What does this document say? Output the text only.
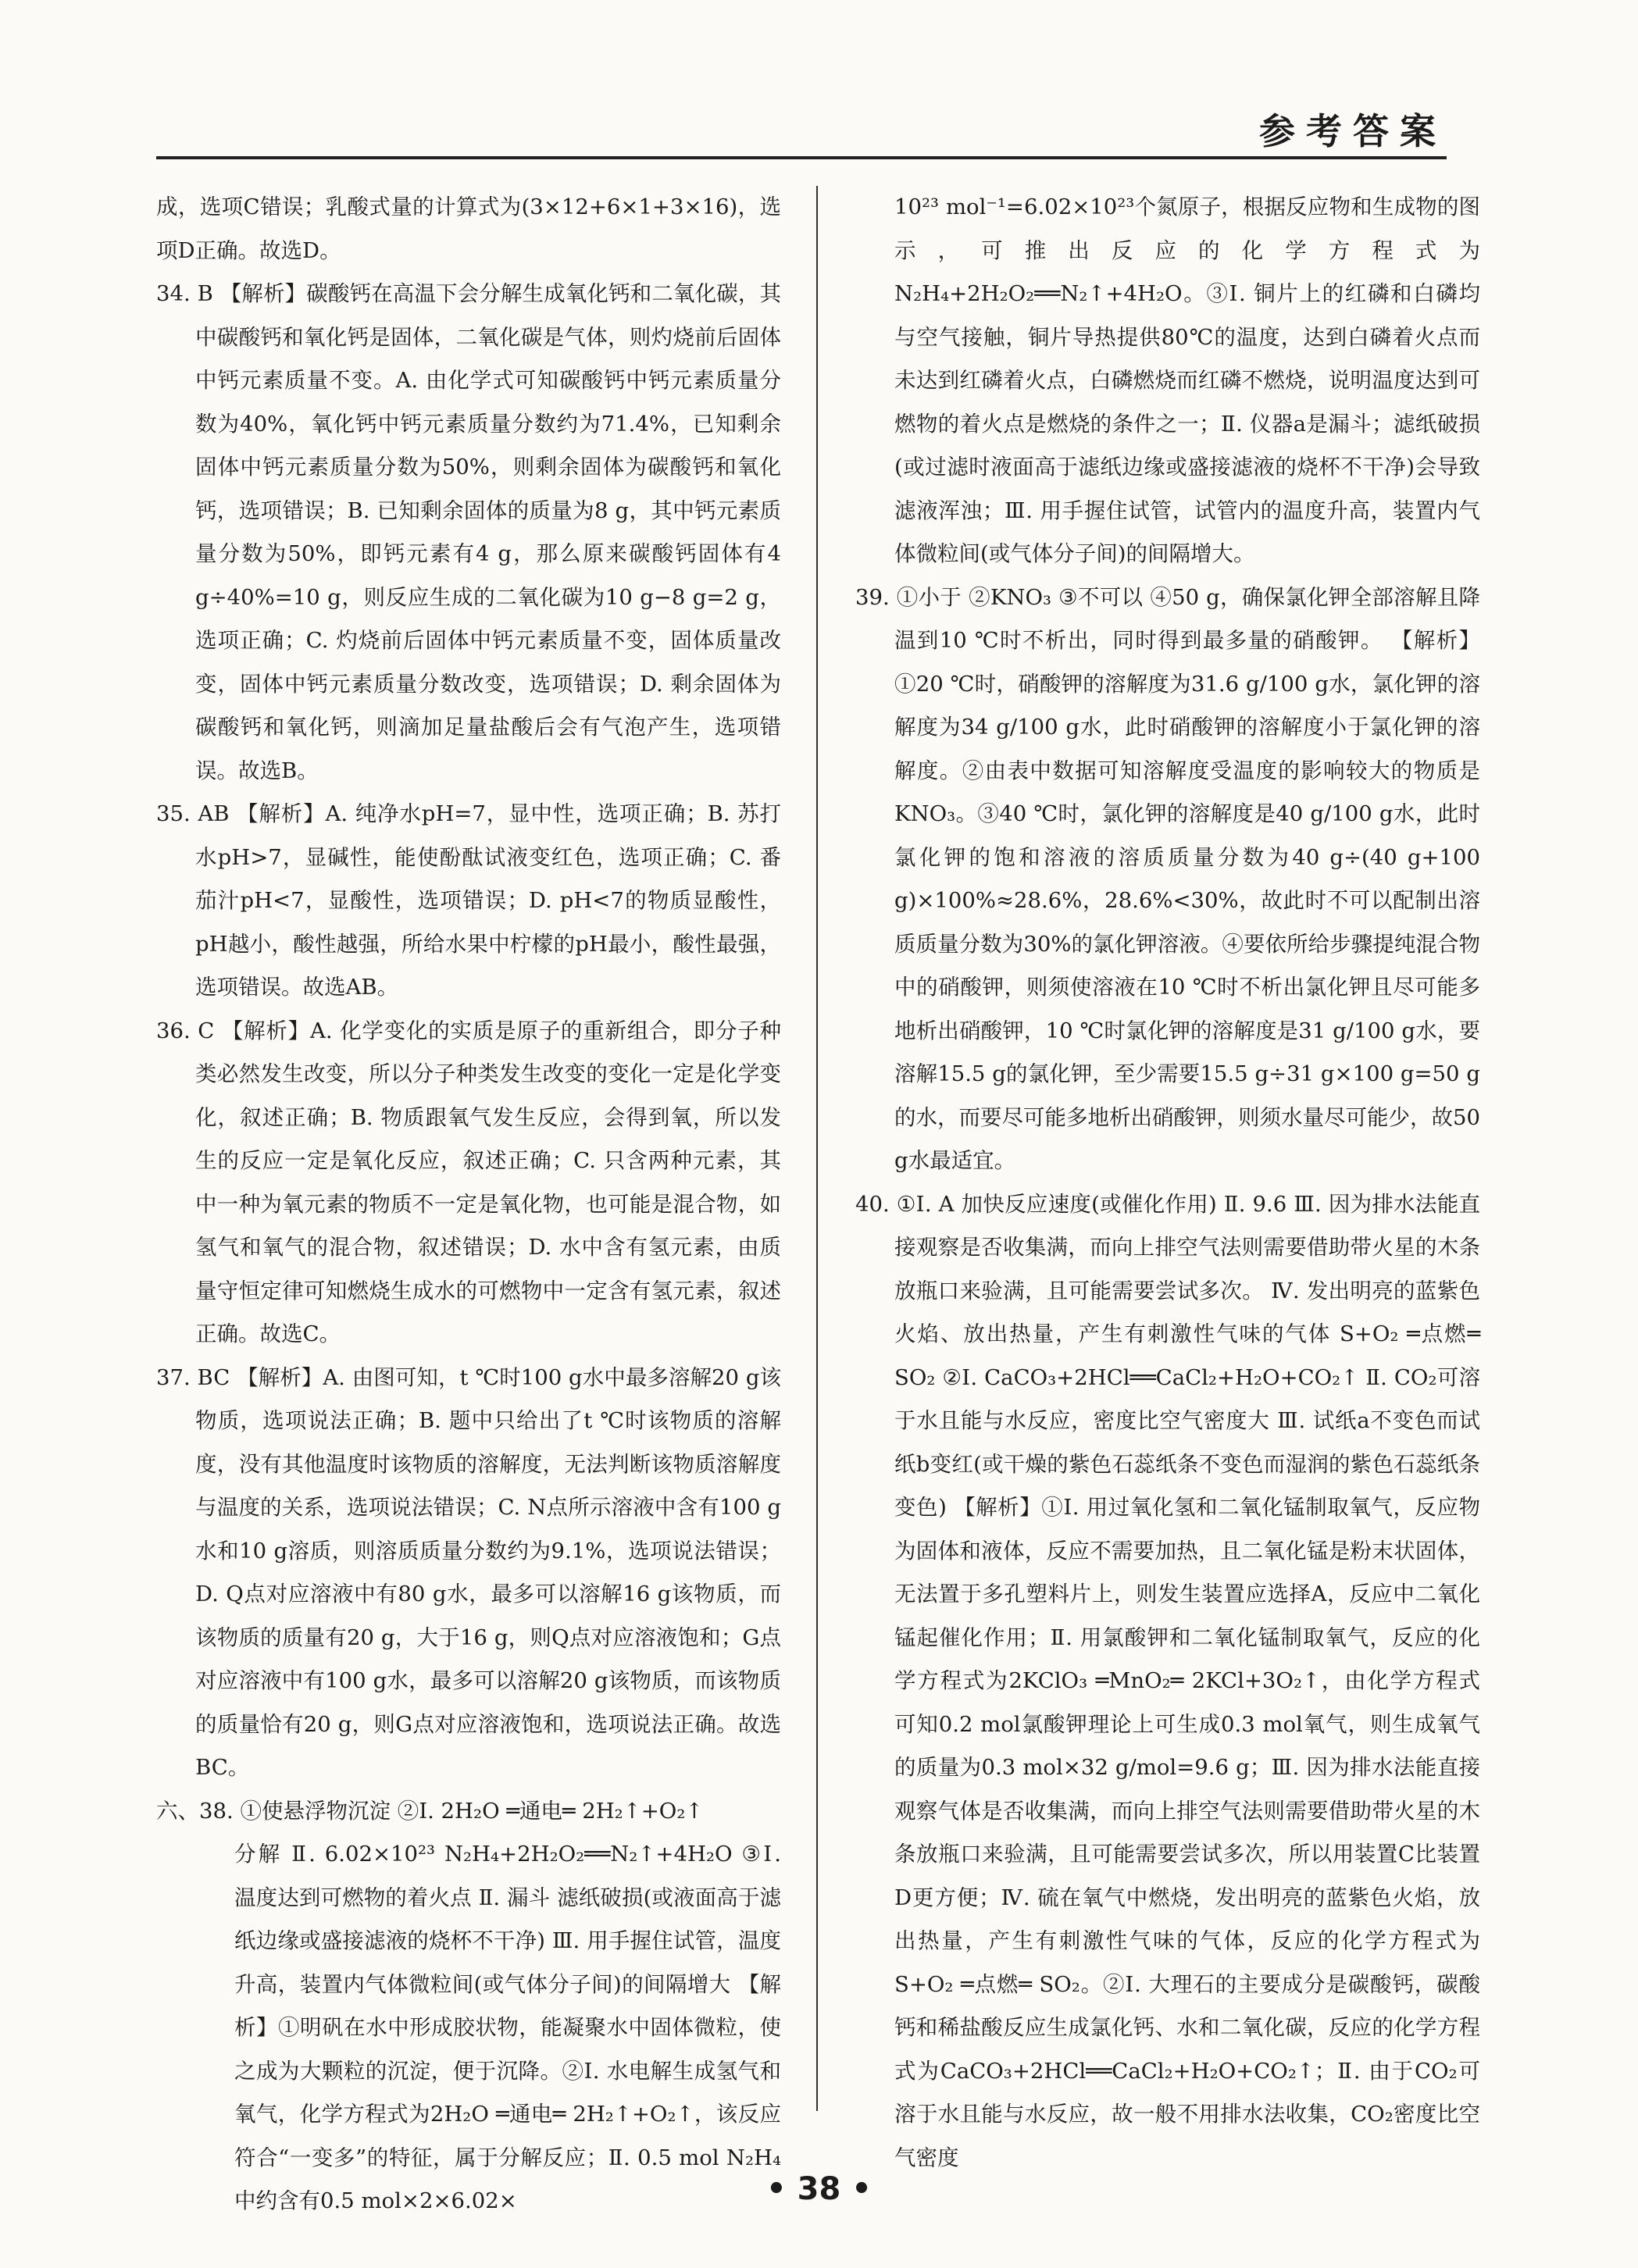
参考答案

成，选项C错误；乳酸式量的计算式为(3×12+6×1+3×16)，选项D正确。故选D。

34. B 【解析】碳酸钙在高温下会分解生成氧化钙和二氧化碳，其中碳酸钙和氧化钙是固体，二氧化碳是气体，则灼烧前后固体中钙元素质量不变。A. 由化学式可知碳酸钙中钙元素质量分数为40%，氧化钙中钙元素质量分数约为71.4%，已知剩余固体中钙元素质量分数为50%，则剩余固体为碳酸钙和氧化钙，选项错误；B. 已知剩余固体的质量为8 g，其中钙元素质量分数为50%，即钙元素有4 g，那么原来碳酸钙固体有4 g÷40%=10 g，则反应生成的二氧化碳为10 g−8 g=2 g，选项正确；C. 灼烧前后固体中钙元素质量不变，固体质量改变，固体中钙元素质量分数改变，选项错误；D. 剩余固体为碳酸钙和氧化钙，则滴加足量盐酸后会有气泡产生，选项错误。故选B。

35. AB 【解析】A. 纯净水pH=7，显中性，选项正确；B. 苏打水pH>7，显碱性，能使酚酞试液变红色，选项正确；C. 番茄汁pH<7，显酸性，选项错误；D. pH<7的物质显酸性，pH越小，酸性越强，所给水果中柠檬的pH最小，酸性最强，选项错误。故选AB。

36. C 【解析】A. 化学变化的实质是原子的重新组合，即分子种类必然发生改变，所以分子种类发生改变的变化一定是化学变化，叙述正确；B. 物质跟氧气发生反应，会得到氧，所以发生的反应一定是氧化反应，叙述正确；C. 只含两种元素，其中一种为氧元素的物质不一定是氧化物，也可能是混合物，如氢气和氧气的混合物，叙述错误；D. 水中含有氢元素，由质量守恒定律可知燃烧生成水的可燃物中一定含有氢元素，叙述正确。故选C。

37. BC 【解析】A. 由图可知，t ℃时100 g水中最多溶解20 g该物质，选项说法正确；B. 题中只给出了t ℃时该物质的溶解度，没有其他温度时该物质的溶解度，无法判断该物质溶解度与温度的关系，选项说法错误；C. N点所示溶液中含有100 g水和10 g溶质，则溶质质量分数约为9.1%，选项说法错误；D. Q点对应溶液中有80 g水，最多可以溶解16 g该物质，而该物质的质量有20 g，大于16 g，则Q点对应溶液饱和；G点对应溶液中有100 g水，最多可以溶解20 g该物质，而该物质的质量恰有20 g，则G点对应溶液饱和，选项说法正确。故选BC。

六、38. ①使悬浮物沉淀 ②Ⅰ. 2H₂O ═通电═ 2H₂↑+O₂↑

分解 Ⅱ. 6.02×10²³ N₂H₄+2H₂O₂══N₂↑+4H₂O ③Ⅰ. 温度达到可燃物的着火点 Ⅱ. 漏斗 滤纸破损(或液面高于滤纸边缘或盛接滤液的烧杯不干净) Ⅲ. 用手握住试管，温度升高，装置内气体微粒间(或气体分子间)的间隔增大 【解析】①明矾在水中形成胶状物，能凝聚水中固体微粒，使之成为大颗粒的沉淀，便于沉降。②Ⅰ. 水电解生成氢气和氧气，化学方程式为2H₂O ═通电═ 2H₂↑+O₂↑，该反应符合“一变多”的特征，属于分解反应；Ⅱ. 0.5 mol N₂H₄中约含有0.5 mol×2×6.02×

10²³ mol⁻¹=6.02×10²³个氮原子，根据反应物和生成物的图示，可推出反应的化学方程式为N₂H₄+2H₂O₂══N₂↑+4H₂O。③Ⅰ. 铜片上的红磷和白磷均与空气接触，铜片导热提供80℃的温度，达到白磷着火点而未达到红磷着火点，白磷燃烧而红磷不燃烧，说明温度达到可燃物的着火点是燃烧的条件之一；Ⅱ. 仪器a是漏斗；滤纸破损(或过滤时液面高于滤纸边缘或盛接滤液的烧杯不干净)会导致滤液浑浊；Ⅲ. 用手握住试管，试管内的温度升高，装置内气体微粒间(或气体分子间)的间隔增大。

39. ①小于 ②KNO₃ ③不可以 ④50 g，确保氯化钾全部溶解且降温到10 ℃时不析出，同时得到最多量的硝酸钾。 【解析】①20 ℃时，硝酸钾的溶解度为31.6 g/100 g水，氯化钾的溶解度为34 g/100 g水，此时硝酸钾的溶解度小于氯化钾的溶解度。②由表中数据可知溶解度受温度的影响较大的物质是KNO₃。③40 ℃时，氯化钾的溶解度是40 g/100 g水，此时氯化钾的饱和溶液的溶质质量分数为40 g÷(40 g+100 g)×100%≈28.6%，28.6%<30%，故此时不可以配制出溶质质量分数为30%的氯化钾溶液。④要依所给步骤提纯混合物中的硝酸钾，则须使溶液在10 ℃时不析出氯化钾且尽可能多地析出硝酸钾，10 ℃时氯化钾的溶解度是31 g/100 g水，要溶解15.5 g的氯化钾，至少需要15.5 g÷31 g×100 g=50 g的水，而要尽可能多地析出硝酸钾，则须水量尽可能少，故50 g水最适宜。

40. ①Ⅰ. A 加快反应速度(或催化作用) Ⅱ. 9.6 Ⅲ. 因为排水法能直接观察是否收集满，而向上排空气法则需要借助带火星的木条放瓶口来验满，且可能需要尝试多次。 Ⅳ. 发出明亮的蓝紫色火焰、放出热量，产生有刺激性气味的气体 S+O₂ ═点燃═ SO₂ ②Ⅰ. CaCO₃+2HCl══CaCl₂+H₂O+CO₂↑ Ⅱ. CO₂可溶于水且能与水反应，密度比空气密度大 Ⅲ. 试纸a不变色而试纸b变红(或干燥的紫色石蕊纸条不变色而湿润的紫色石蕊纸条变色) 【解析】①Ⅰ. 用过氧化氢和二氧化锰制取氧气，反应物为固体和液体，反应不需要加热，且二氧化锰是粉末状固体，无法置于多孔塑料片上，则发生装置应选择A，反应中二氧化锰起催化作用；Ⅱ. 用氯酸钾和二氧化锰制取氧气，反应的化学方程式为2KClO₃ ═MnO₂═ 2KCl+3O₂↑，由化学方程式可知0.2 mol氯酸钾理论上可生成0.3 mol氧气，则生成氧气的质量为0.3 mol×32 g/mol=9.6 g；Ⅲ. 因为排水法能直接观察气体是否收集满，而向上排空气法则需要借助带火星的木条放瓶口来验满，且可能需要尝试多次，所以用装置C比装置D更方便；Ⅳ. 硫在氧气中燃烧，发出明亮的蓝紫色火焰，放出热量，产生有刺激性气味的气体，反应的化学方程式为S+O₂ ═点燃═ SO₂。②Ⅰ. 大理石的主要成分是碳酸钙，碳酸钙和稀盐酸反应生成氯化钙、水和二氧化碳，反应的化学方程式为CaCO₃+2HCl══CaCl₂+H₂O+CO₂↑；Ⅱ. 由于CO₂可溶于水且能与水反应，故一般不用排水法收集，CO₂密度比空气密度

• 38 •
